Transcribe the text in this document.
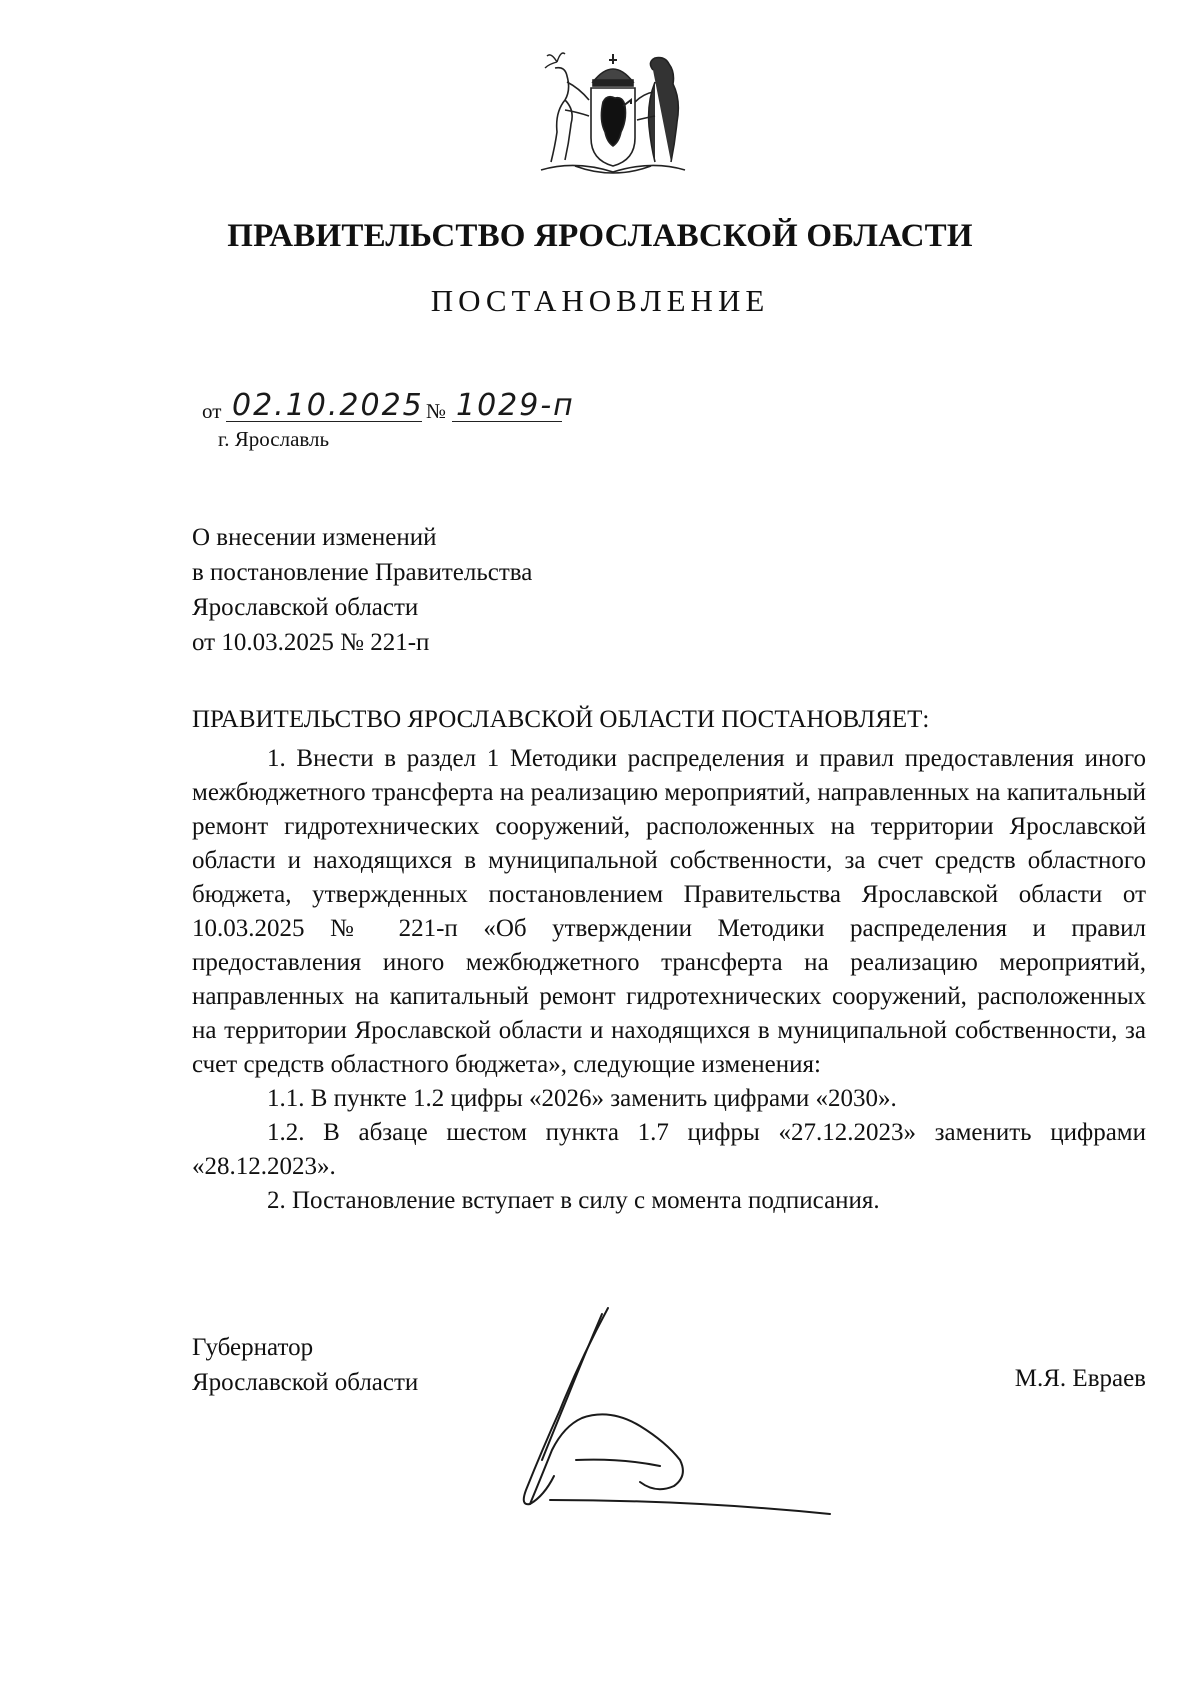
ПРАВИТЕЛЬСТВО ЯРОСЛАВСКОЙ ОБЛАСТИ
ПОСТАНОВЛЕНИЕ
от 02.10.2025 № 1029-п
г. Ярославль
О внесении изменений
в постановление Правительства
Ярославской области
от 10.03.2025 № 221-п
ПРАВИТЕЛЬСТВО ЯРОСЛАВСКОЙ ОБЛАСТИ ПОСТАНОВЛЯЕТ:

1. Внести в раздел 1 Методики распределения и правил предоставления иного межбюджетного трансферта на реализацию мероприятий, направленных на капитальный ремонт гидротехнических сооружений, расположенных на территории Ярославской области и находящихся в муниципальной собственности, за счет средств областного бюджета, утвержденных постановлением Правительства Ярославской области от 10.03.2025 № 221-п «Об утверждении Методики распределения и правил предоставления иного межбюджетного трансферта на реализацию мероприятий, направленных на капитальный ремонт гидротехнических сооружений, расположенных на территории Ярославской области и находящихся в муниципальной собственности, за счет средств областного бюджета», следующие изменения:

1.1. В пункте 1.2 цифры «2026» заменить цифрами «2030».

1.2. В абзаце шестом пункта 1.7 цифры «27.12.2023» заменить цифрами «28.12.2023».

2. Постановление вступает в силу с момента подписания.

Губернатор
Ярославской области	М.Я. Евраев
